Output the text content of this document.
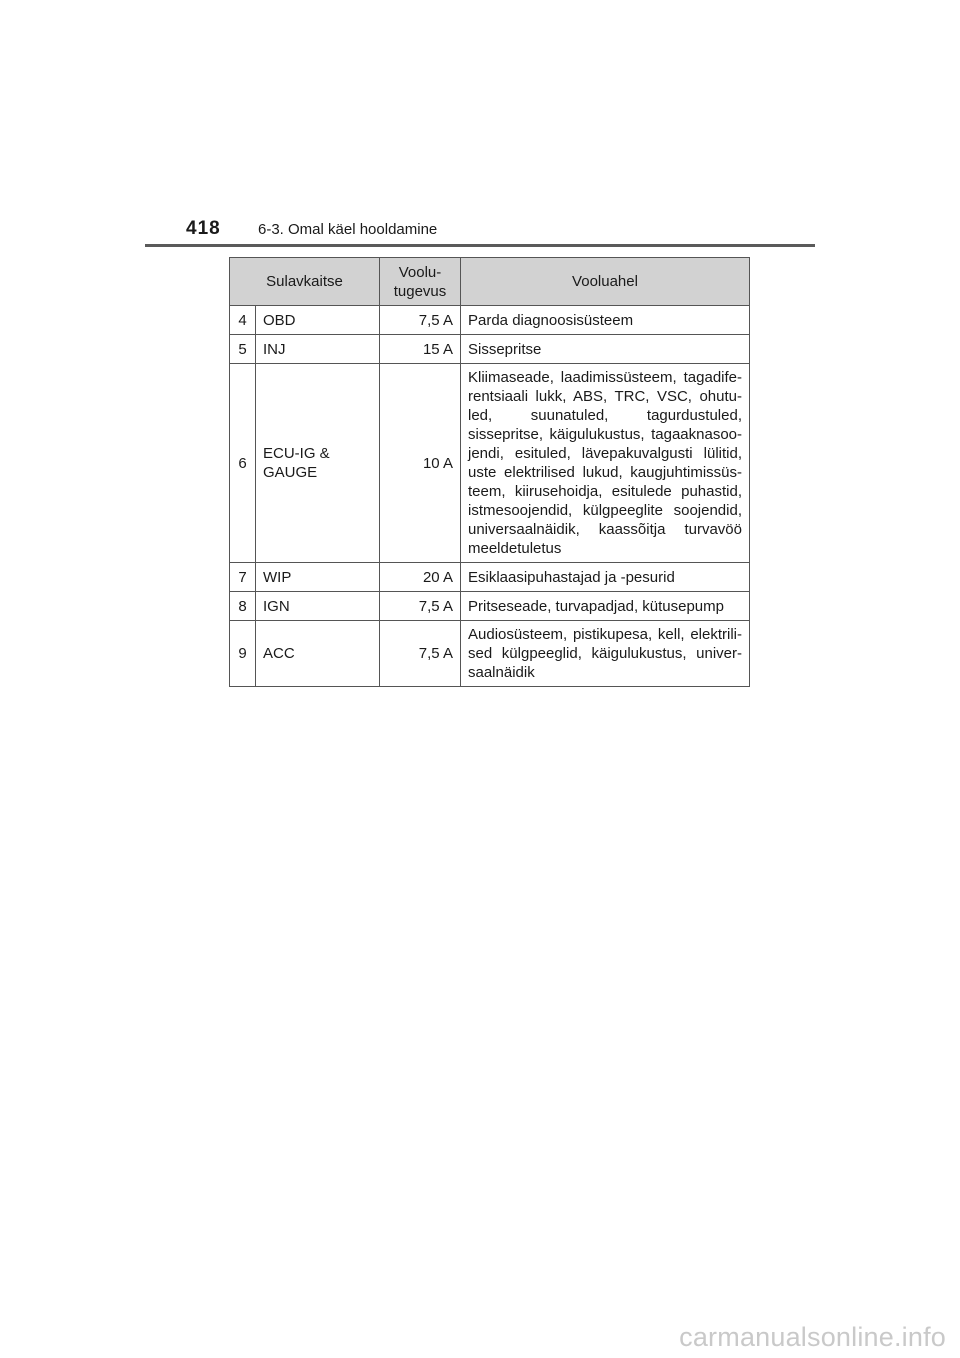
418	6-3. Omal käel hooldamine
Sulavkaitse		Voolu-
tugevus	Vooluahel
4	OBD	7,5 A	Parda diagnoosisüsteem

5	INJ	15 A	Sissepritse

6	ECU-IG &
GAUGE	10 A	Kliimaseade, laadimissüsteem, tagadife-rentsiaali lukk, ABS, TRC, VSC, ohutu-led, suunatuled, tagurdustuled, sissepritse, käigulukustus, tagaaknasoo-jendi, esituled, lävepakuvalgusti lülitid, uste elektrilised lukud, kaugjuhtimissüs-teem, kiirusehoidja, esitulede puhastid, istmesoojendid, külgpeeglite soojendid, universaalnäidik, kaassõitja turvavöö meeldetuletus

7	WIP	20 A	Esiklaasipuhastajad ja -pesurid

8	IGN	7,5 A	Pritseseade, turvapadjad, kütusepump

9	ACC	7,5 A	Audiosüsteem, pistikupesa, kell, elektrili-sed külgpeeglid, käigulukustus, univer-saalnäidik
carmanualsonline.info
